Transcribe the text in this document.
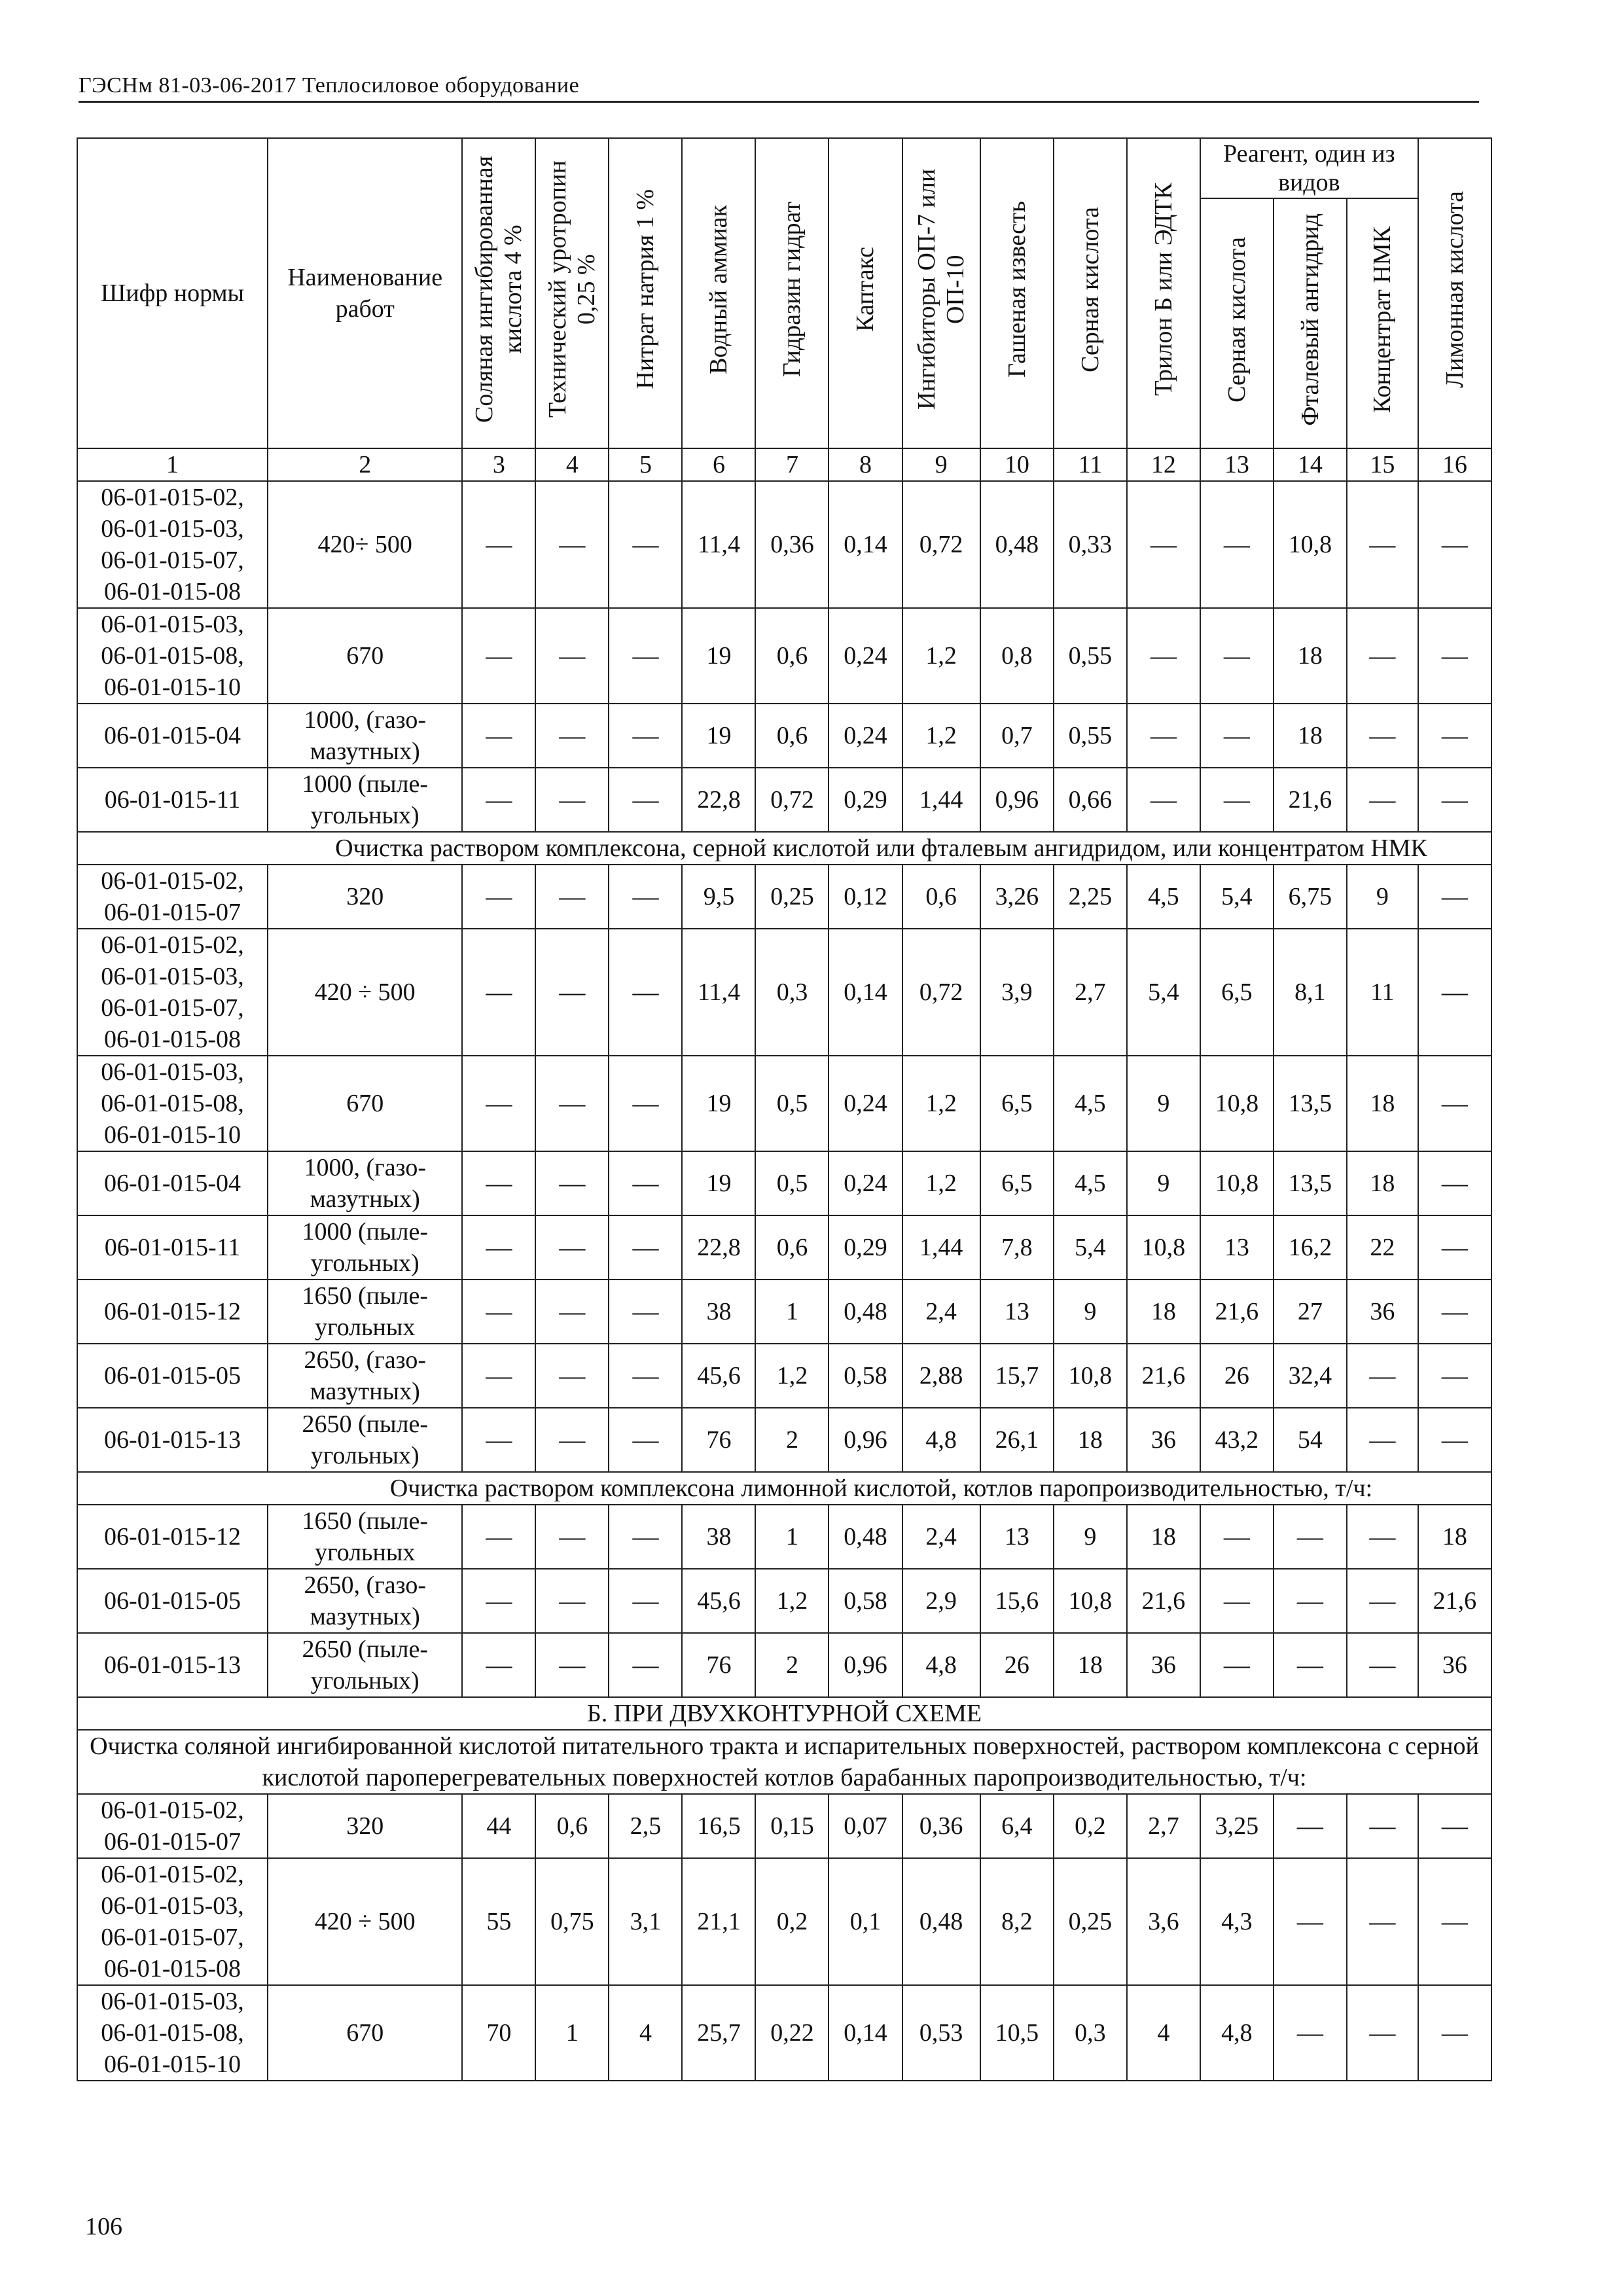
ГЭСНм 81-03-06-2017 Теплосиловое оборудование
Шифр нормы	Наименование работ	Соляная ингибированная кислота 4 %	Технический уротропин 0,25 %	Нитрат натрия 1 %	Водный аммиак	Гидразин гидрат	Каптакс	Ингибиторы ОП-7 или ОП-10	Гашеная известь	Серная кислота	Трилон Б или ЭДТК	Реагент, один из видов			Лимонная кислота
												Серная кислота	Фталевый ангидрид	Концентрат НМК	
1	2	3	4	5	6	7	8	9	10	11	12	13	14	15	16
06-01-015-02,
06-01-015-03,
06-01-015-07,
06-01-015-08	420÷ 500	—	—	—	11,4	0,36	0,14	0,72	0,48	0,33	—	—	10,8	—	—
06-01-015-03,
06-01-015-08,
06-01-015-10	670	—	—	—	19	0,6	0,24	1,2	0,8	0,55	—	—	18	—	—
06-01-015-04	1000, (газо-
мазутных)	—	—	—	19	0,6	0,24	1,2	0,7	0,55	—	—	18	—	—
06-01-015-11	1000 (пыле-
угольных)	—	—	—	22,8	0,72	0,29	1,44	0,96	0,66	—	—	21,6	—	—
Очистка раствором комплексона, серной кислотой или фталевым ангидридом, или концентратом НМК															
06-01-015-02,
06-01-015-07	320	—	—	—	9,5	0,25	0,12	0,6	3,26	2,25	4,5	5,4	6,75	9	—
06-01-015-02,
06-01-015-03,
06-01-015-07,
06-01-015-08	420 ÷ 500	—	—	—	11,4	0,3	0,14	0,72	3,9	2,7	5,4	6,5	8,1	11	—
06-01-015-03,
06-01-015-08,
06-01-015-10	670	—	—	—	19	0,5	0,24	1,2	6,5	4,5	9	10,8	13,5	18	—
06-01-015-04	1000, (газо-
мазутных)	—	—	—	19	0,5	0,24	1,2	6,5	4,5	9	10,8	13,5	18	—
06-01-015-11	1000 (пыле-
угольных)	—	—	—	22,8	0,6	0,29	1,44	7,8	5,4	10,8	13	16,2	22	—
06-01-015-12	1650 (пыле-
угольных	—	—	—	38	1	0,48	2,4	13	9	18	21,6	27	36	—
06-01-015-05	2650, (газо-
мазутных)	—	—	—	45,6	1,2	0,58	2,88	15,7	10,8	21,6	26	32,4	—	—
06-01-015-13	2650 (пыле-
угольных)	—	—	—	76	2	0,96	4,8	26,1	18	36	43,2	54	—	—
Очистка раствором комплексона лимонной кислотой, котлов паропроизводительностью, т/ч:															
06-01-015-12	1650 (пыле-
угольных	—	—	—	38	1	0,48	2,4	13	9	18	—	—	—	18
06-01-015-05	2650, (газо-
мазутных)	—	—	—	45,6	1,2	0,58	2,9	15,6	10,8	21,6	—	—	—	21,6
06-01-015-13	2650 (пыле-
угольных)	—	—	—	76	2	0,96	4,8	26	18	36	—	—	—	36
Б. ПРИ ДВУХКОНТУРНОЙ СХЕМЕ															
Очистка соляной ингибированной кислотой питательного тракта и испарительных поверхностей, раствором комплексона с серной кислотой пароперегревательных поверхностей котлов барабанных паропроизводительностью, т/ч:															
06-01-015-02,
06-01-015-07	320	44	0,6	2,5	16,5	0,15	0,07	0,36	6,4	0,2	2,7	3,25	—	—	—
06-01-015-02,
06-01-015-03,
06-01-015-07,
06-01-015-08	420 ÷ 500	55	0,75	3,1	21,1	0,2	0,1	0,48	8,2	0,25	3,6	4,3	—	—	—
06-01-015-03,
06-01-015-08,
06-01-015-10	670	70	1	4	25,7	0,22	0,14	0,53	10,5	0,3	4	4,8	—	—	—
106
